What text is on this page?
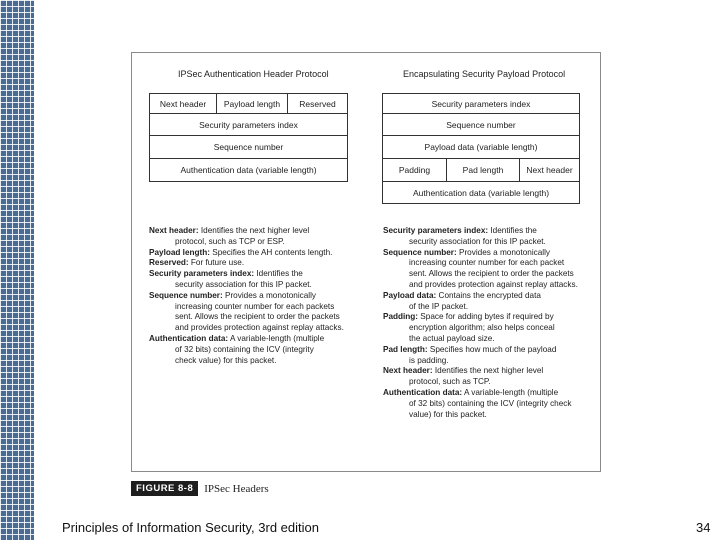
IPSec Authentication Header Protocol
Next header	Payload length	Reserved
Security parameters index
Sequence number
Authentication data (variable length)
Encapsulating Security Payload Protocol
Security parameters index
Sequence number
Payload data (variable length)
Padding	Pad length	Next header
Authentication data (variable length)

Next header: Identifies the next higher level

protocol, such as TCP or ESP.

Payload length: Specifies the AH contents length.

Reserved: For future use.

Security parameters index: Identifies the

security association for this IP packet.

Sequence number: Provides a monotonically

increasing counter number for each packets

sent. Allows the recipient to order the packets

and provides protection against replay attacks.

Authentication data: A variable-length (multiple

of 32 bits) containing the ICV (integrity

check value) for this packet.

Security parameters index: Identifies the

security association for this IP packet.

Sequence number: Provides a monotonically

increasing counter number for each packet

sent. Allows the recipient to order the packets

and provides protection against replay attacks.

Payload data: Contains the encrypted data

of the IP packet.

Padding: Space for adding bytes if required by

encryption algorithm; also helps conceal

the actual payload size.

Pad length: Specifies how much of the payload

is padding.

Next header: Identifies the next higher level

protocol, such as TCP.

Authentication data: A variable-length (multiple

of 32 bits) containing the ICV (integrity check

value) for this packet.

FIGURE 8-8	IPSec Headers
Principles of Information Security, 3rd edition	34
